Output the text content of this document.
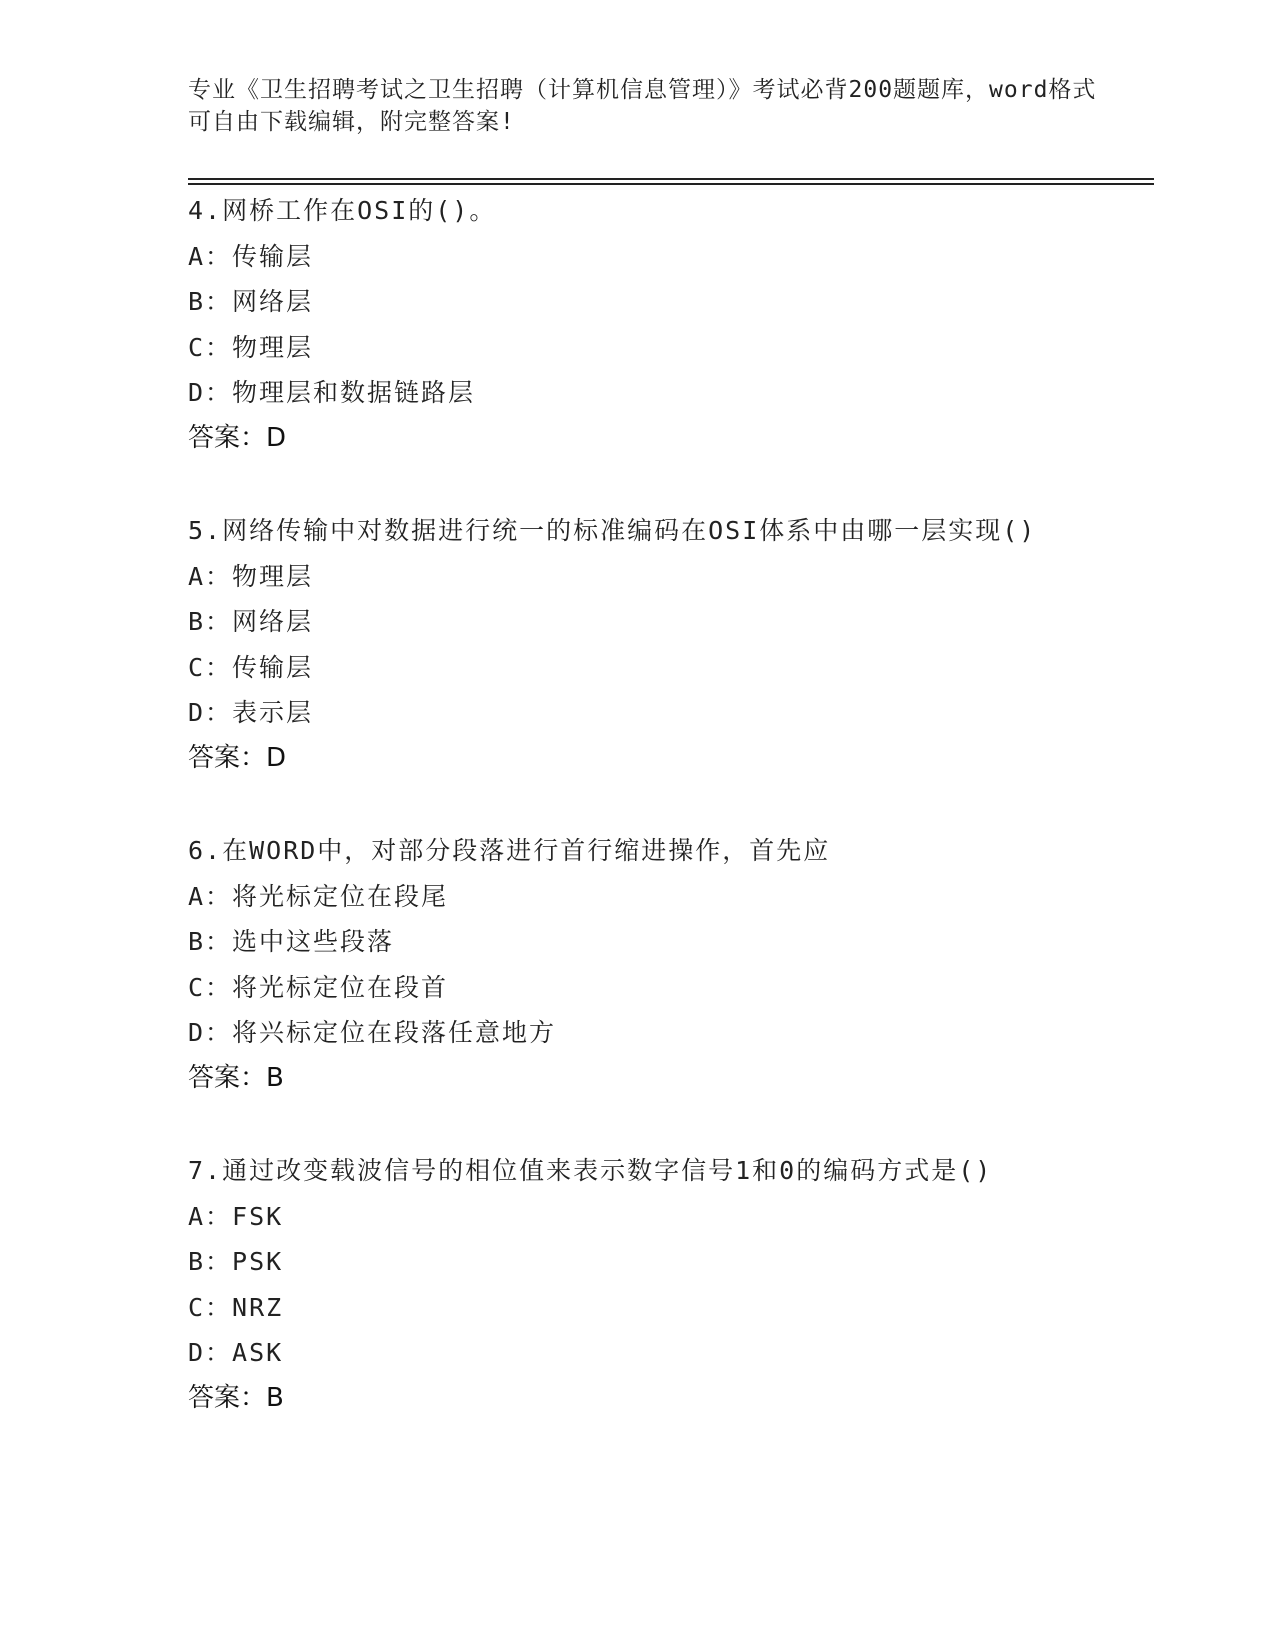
专业《卫生招聘考试之卫生招聘（计算机信息管理）》考试必背200题题库，word格式可自由下载编辑，附完整答案!
4.网桥工作在OSI的()。
A：传输层
B：网络层
C：物理层
D：物理层和数据链路层
答案：D
5.网络传输中对数据进行统一的标准编码在OSI体系中由哪一层实现()
A：物理层
B：网络层
C：传输层
D：表示层
答案：D
6.在WORD中，对部分段落进行首行缩进操作，首先应
A：将光标定位在段尾
B：选中这些段落
C：将光标定位在段首
D：将兴标定位在段落任意地方
答案：B
7.通过改变载波信号的相位值来表示数字信号1和0的编码方式是()
A：FSK
B：PSK
C：NRZ
D：ASK
答案：B
